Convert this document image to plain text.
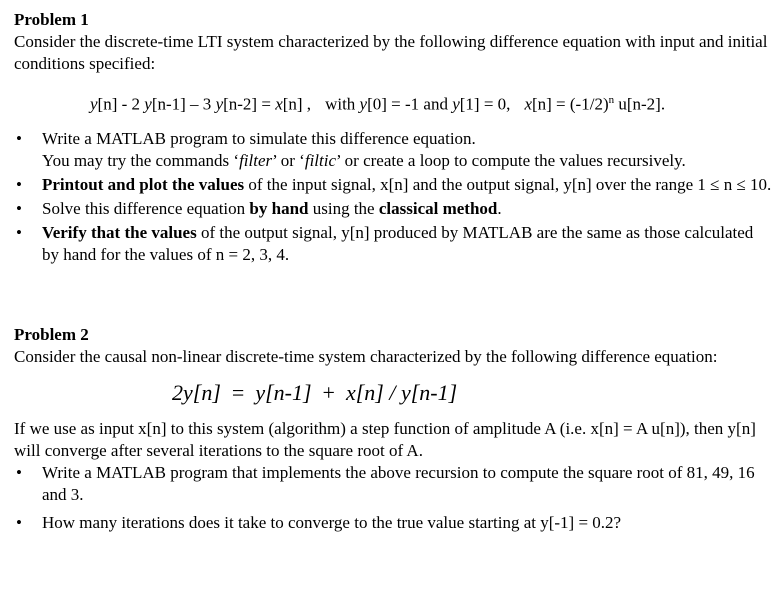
Problem 1

Consider the discrete-time LTI system characterized by the following difference equation with input and initial conditions specified:

y[n] - 2 y[n-1] – 3 y[n-2] = x[n] , with y[0] = -1 and y[1] = 0, $x[n] = (-1/2)^n$ u[n-2].
• Write a MATLAB program to simulate this difference equation.
You may try the commands ‘filter’ or ‘filtic’ or create a loop to compute the values recursively.
• Printout and plot the values of the input signal, x[n] and the output signal, y[n] over the range 1 ≤ n ≤ 10.
• Solve this difference equation by hand using the classical method.
• Verify that the values of the output signal, y[n] produced by MATLAB are the same as those calculated by hand for the values of n = 2, 3, 4.
Problem 2

Consider the causal non-linear discrete-time system characterized by the following difference equation:

2y[n] = y[n-1] + x[n] / y[n-1]

If we use as input x[n] to this system (algorithm) a step function of amplitude A (i.e. x[n] = A u[n]), then y[n] will converge after several iterations to the square root of A.

• Write a MATLAB program that implements the above recursion to compute the square root of 81, 49, 16 and 3.
• How many iterations does it take to converge to the true value starting at y[-1] = 0.2?
